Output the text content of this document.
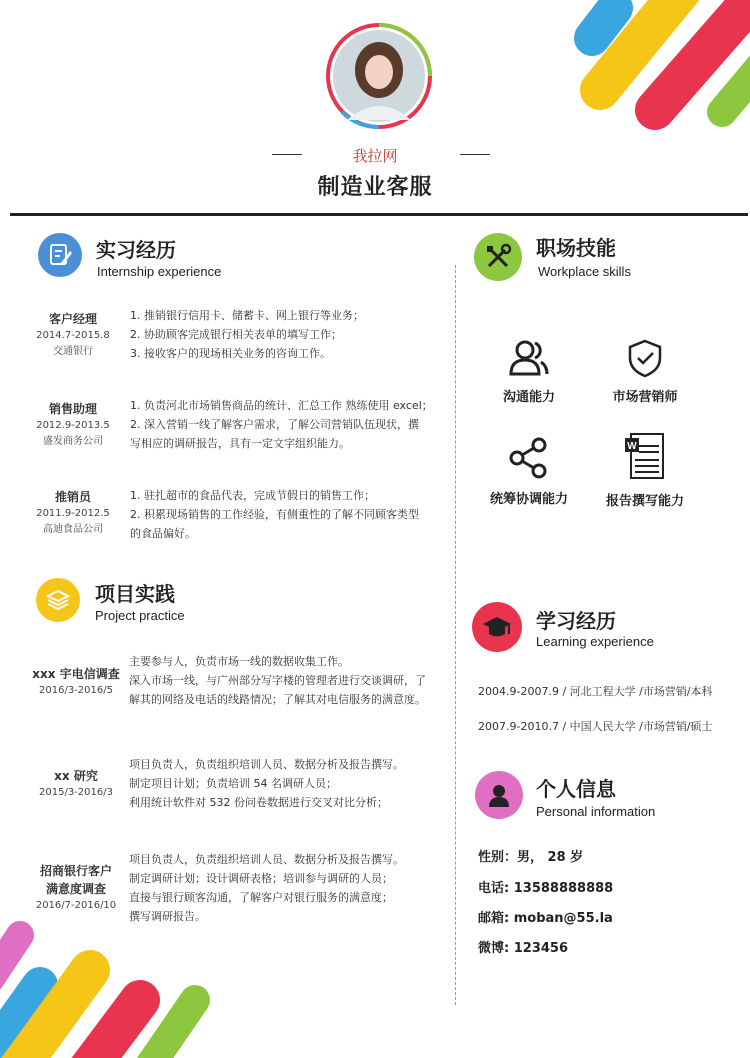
我拉网
制造业客服
实习经历
Internship experience
客户经理
2014.7-2015.8
交通银行
1. 推销银行信用卡、储蓄卡、网上银行等业务；
2. 协助顾客完成银行相关表单的填写工作；
3. 接收客户的现场相关业务的咨询工作。
销售助理
2012.9-2013.5
盛发商务公司
1. 负责河北市场销售商品的统计、汇总工作 熟练使用 excel；
2. 深入营销一线了解客户需求，了解公司营销队伍现状，撰
写相应的调研报告，具有一定文字组织能力。
推销员
2011.9-2012.5
高迪食品公司
1. 驻扎超市的食品代表，完成节假日的销售工作；
2. 积累现场销售的工作经验，有侧重性的了解不同顾客类型
的食品偏好。
项目实践
Project practice
xxx 宇电信调查
2016/3-2016/5
主要参与人，负责市场一线的数据收集工作。
深入市场一线，与广州部分写字楼的管理者进行交谈调研，了
解其的网络及电话的线路情况；了解其对电信服务的满意度。
xx 研究
2015/3-2016/3
项目负责人，负责组织培训人员、数据分析及报告撰写。
制定项目计划；负责培训 54 名调研人员；
利用统计软件对 532 份问卷数据进行交叉对比分析；
招商银行客户
满意度调查
2016/7-2016/10
项目负责人，负责组织培训人员、数据分析及报告撰写。
制定调研计划；设计调研表格；培训参与调研的人员；
直接与银行顾客沟通，了解客户对银行服务的满意度；
撰写调研报告。
职场技能
Workplace skills
沟通能力	市场营销师
统筹协调能力
W
报告撰写能力
学习经历
Learning experience
2004.9-2007.9 / 河北工程大学 /市场营销/本科
2007.9-2010.7 / 中国人民大学 /市场营销/硕士
个人信息
Personal information
性别：男， 28 岁
电话: 13588888888
邮箱: moban@55.la
微博: 123456
